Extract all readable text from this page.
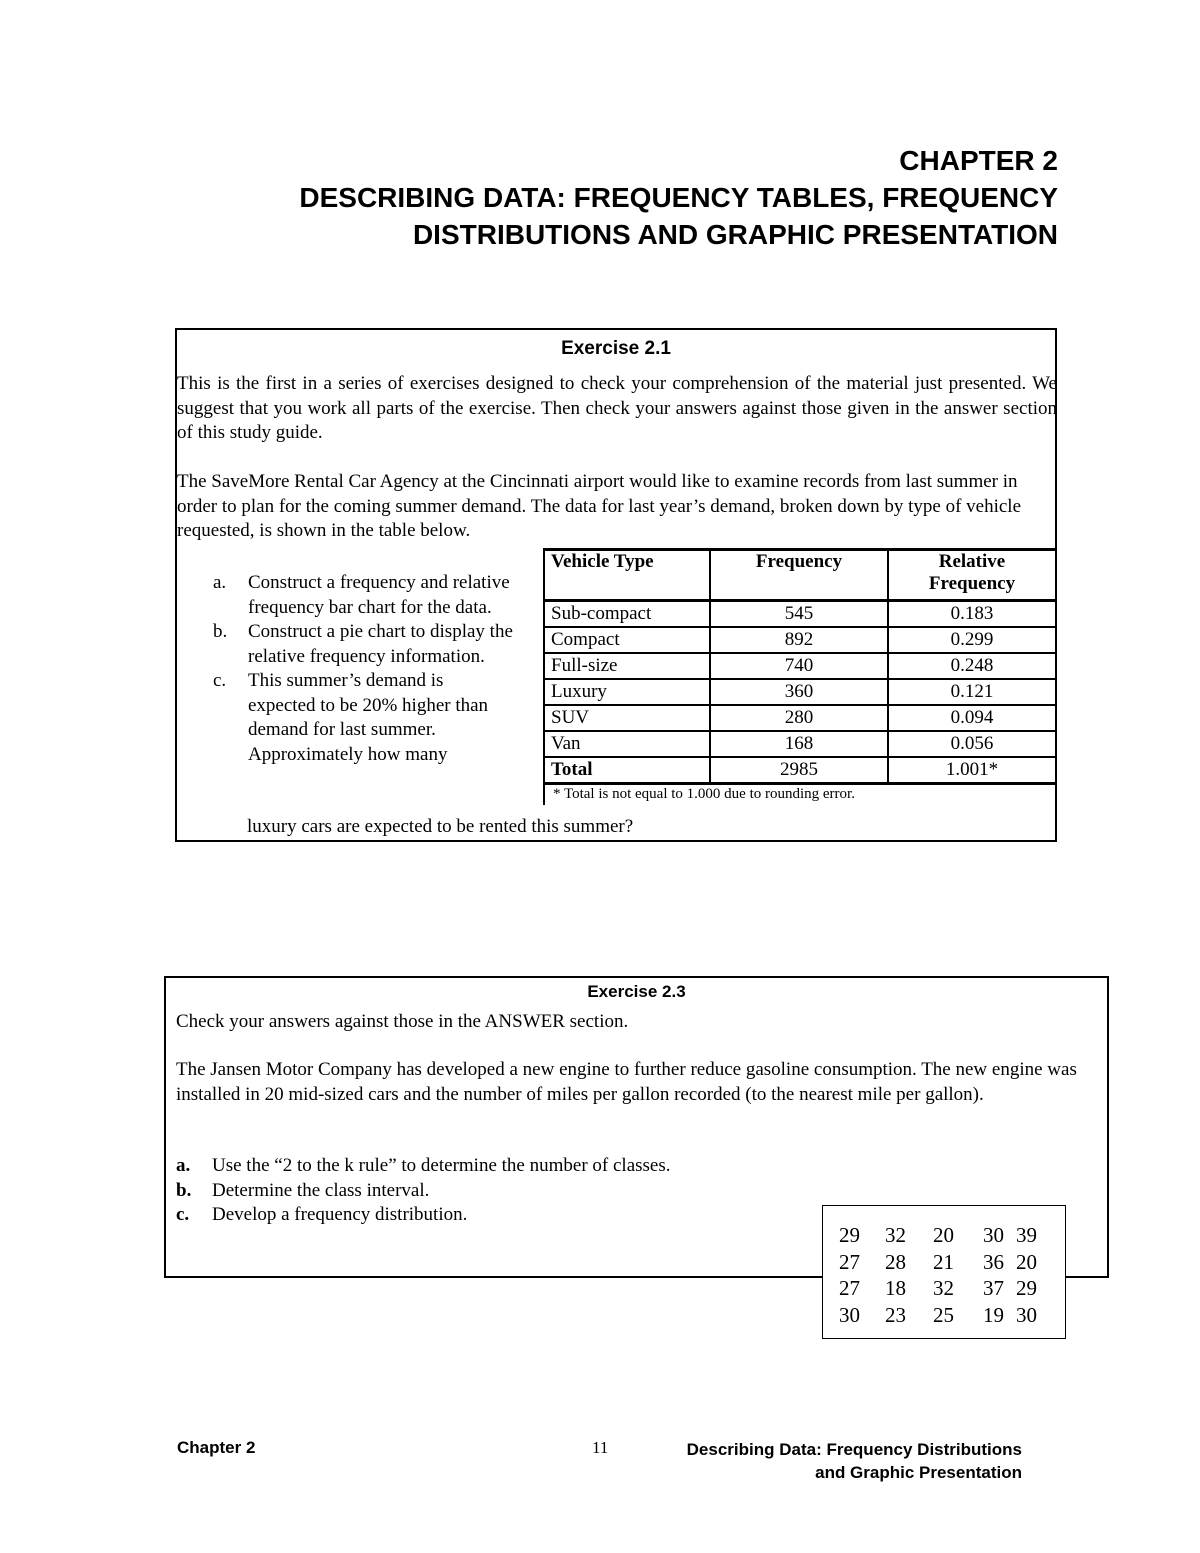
CHAPTER 2
DESCRIBING DATA: FREQUENCY TABLES, FREQUENCY
DISTRIBUTIONS AND GRAPHIC PRESENTATION
Exercise 2.1
This is the first in a series of exercises designed to check your comprehension of the material just presented. We suggest that you work all parts of the exercise. Then check your answers against those given in the answer section of this study guide.
The SaveMore Rental Car Agency at the Cincinnati airport would like to examine records from last summer in order to plan for the coming summer demand. The data for last year’s demand, broken down by type of vehicle requested, is shown in the table below.
a.	Construct a frequency and relative frequency bar chart for the data.
b.	Construct a pie chart to display the relative frequency information.
c.	This summer’s demand is expected to be 20% higher than demand for last summer. Approximately how many
luxury cars are expected to be rented this summer?
Vehicle Type	Frequency	Relative Frequency
Sub-compact	545	0.183
Compact	892	0.299
Full-size	740	0.248
Luxury	360	0.121
SUV	280	0.094
Van	168	0.056
Total	2985	1.001*
* Total is not equal to 1.000 due to rounding error.
Exercise 2.3
Check your answers against those in the ANSWER section.
The Jansen Motor Company has developed a new engine to further reduce gasoline consumption. The new engine was installed in 20 mid-sized cars and the number of miles per gallon recorded (to the nearest mile per gallon).
a.	Use the “2 to the k rule” to determine the number of classes.
b.	Determine the class interval.
c.	Develop a frequency distribution.
29 32 20 30 39
27 28 21 36 20
27 18 32 37 29
30 23 25 19 30
Chapter 2	11	Describing Data: Frequency Distributions
and Graphic Presentation
